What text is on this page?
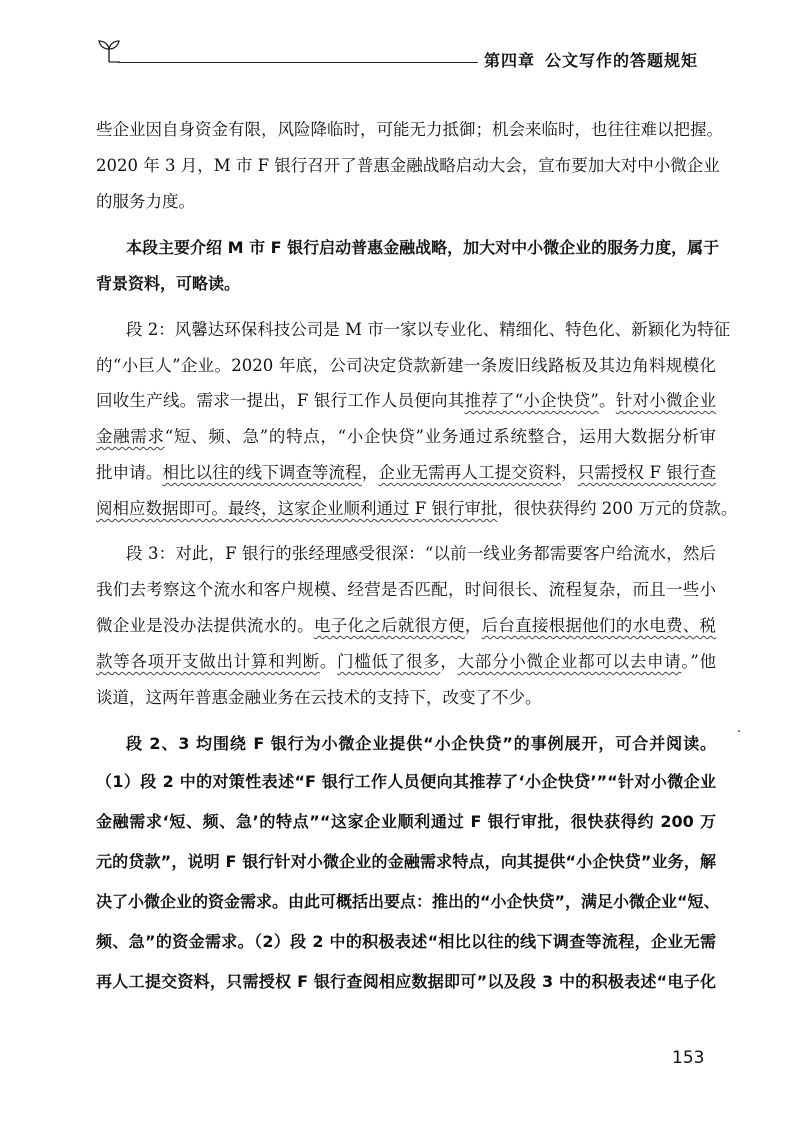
第四章 公文写作的答题规矩
些企业因自身资金有限，风险降临时，可能无力抵御；机会来临时，也往往难以把握。
2020 年 3 月，M 市 F 银行召开了普惠金融战略启动大会，宣布要加大对中小微企业
的服务力度。
本段主要介绍 M 市 F 银行启动普惠金融战略，加大对中小微企业的服务力度，属于
背景资料，可略读。
段 2：风馨达环保科技公司是 M 市一家以专业化、精细化、特色化、新颖化为特征
的“小巨人”企业。2020 年底，公司决定贷款新建一条废旧线路板及其边角料规模化
回收生产线。需求一提出，F 银行工作人员便向其推荐了“小企快贷”。针对小微企业
金融需求“短、频、急”的特点，“小企快贷”业务通过系统整合，运用大数据分析审
批申请。相比以往的线下调查等流程，企业无需再人工提交资料，只需授权 F 银行查
阅相应数据即可。最终，这家企业顺利通过 F 银行审批，很快获得约 200 万元的贷款。
段 3：对此，F 银行的张经理感受很深：“以前一线业务都需要客户给流水，然后
我们去考察这个流水和客户规模、经营是否匹配，时间很长、流程复杂，而且一些小
微企业是没办法提供流水的。电子化之后就很方便，后台直接根据他们的水电费、税
款等各项开支做出计算和判断。门槛低了很多，大部分小微企业都可以去申请。”他
谈道，这两年普惠金融业务在云技术的支持下，改变了不少。
段 2、3 均围绕 F 银行为小微企业提供“小企快贷”的事例展开，可合并阅读。
（1）段 2 中的对策性表述“F 银行工作人员便向其推荐了‘小企快贷’”“针对小微企业
金融需求‘短、频、急’的特点”“这家企业顺利通过 F 银行审批，很快获得约 200 万
元的贷款”，说明 F 银行针对小微企业的金融需求特点，向其提供“小企快贷”业务，解
决了小微企业的资金需求。由此可概括出要点：推出的“小企快贷”，满足小微企业“短、
频、急”的资金需求。（2）段 2 中的积极表述“相比以往的线下调查等流程，企业无需
再人工提交资料，只需授权 F 银行查阅相应数据即可”以及段 3 中的积极表述“电子化
153
